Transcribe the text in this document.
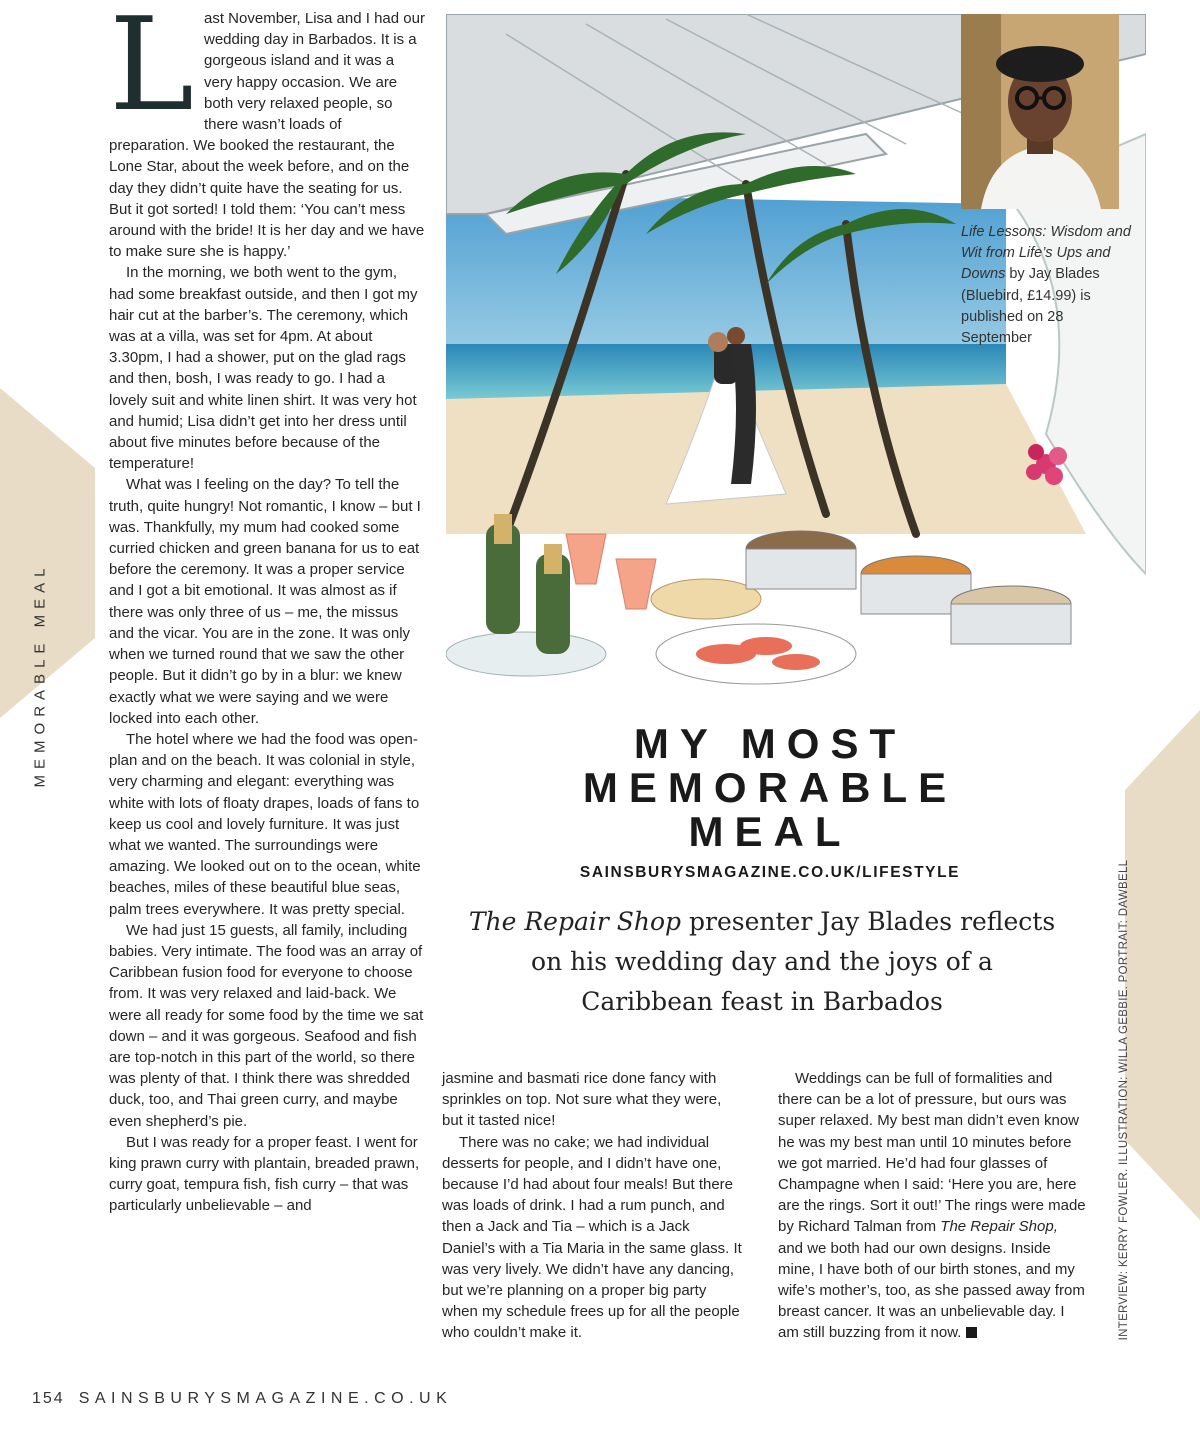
MEMORABLE MEAL

Last November, Lisa and I had our wedding day in Barbados. It is a gorgeous island and it was a very happy occasion. We are both very relaxed people, so there wasn’t loads of preparation. We booked the restaurant, the Lone Star, about the week before, and on the day they didn’t quite have the seating for us. But it got sorted! I told them: ‘You can’t mess around with the bride! It is her day and we have to make sure she is happy.’

In the morning, we both went to the gym, had some breakfast outside, and then I got my hair cut at the barber’s. The ceremony, which was at a villa, was set for 4pm. At about 3.30pm, I had a shower, put on the glad rags and then, bosh, I was ready to go. I had a lovely suit and white linen shirt. It was very hot and humid; Lisa didn’t get into her dress until about five minutes before because of the temperature!

What was I feeling on the day? To tell the truth, quite hungry! Not romantic, I know – but I was. Thankfully, my mum had cooked some curried chicken and green banana for us to eat before the ceremony. It was a proper service and I got a bit emotional. It was almost as if there was only three of us – me, the missus and the vicar. You are in the zone. It was only when we turned round that we saw the other people. But it didn’t go by in a blur: we knew exactly what we were saying and we were locked into each other.

The hotel where we had the food was open-plan and on the beach. It was colonial in style, very charming and elegant: everything was white with lots of floaty drapes, loads of fans to keep us cool and lovely furniture. It was just what we wanted. The surroundings were amazing. We looked out on to the ocean, white beaches, miles of these beautiful blue seas, palm trees everywhere. It was pretty special.

We had just 15 guests, all family, including babies. Very intimate. The food was an array of Caribbean fusion food for everyone to choose from. It was very relaxed and laid-back. We were all ready for some food by the time we sat down – and it was gorgeous. Seafood and fish are top-notch in this part of the world, so there was plenty of that. I think there was shredded duck, too, and Thai green curry, and maybe even shepherd’s pie.

But I was ready for a proper feast. I went for king prawn curry with plantain, breaded prawn, curry goat, tempura fish, fish curry – that was particularly unbelievable – and

Life Lessons: Wisdom and Wit from Life’s Ups and Downs by Jay Blades (Bluebird, £14.99) is published on 28 September
MY MOST
MEMORABLE
MEAL
SAINSBURYSMAGAZINE.CO.UK/LIFESTYLE
The Repair Shop presenter Jay Blades reflects on his wedding day and the joys of a Caribbean feast in Barbados

jasmine and basmati rice done fancy with sprinkles on top. Not sure what they were, but it tasted nice!

There was no cake; we had individual desserts for people, and I didn’t have one, because I’d had about four meals! But there was loads of drink. I had a rum punch, and then a Jack and Tia – which is a Jack Daniel’s with a Tia Maria in the same glass. It was very lively. We didn’t have any dancing, but we’re planning on a proper big party when my schedule frees up for all the people who couldn’t make it.

Weddings can be full of formalities and there can be a lot of pressure, but ours was super relaxed. My best man didn’t even know he was my best man until 10 minutes before we got married. He’d had four glasses of Champagne when I said: ‘Here you are, here are the rings. Sort it out!’ The rings were made by Richard Talman from The Repair Shop, and we both had our own designs. Inside mine, I have both of our birth stones, and my wife’s mother’s, too, as she passed away from breast cancer. It was an unbelievable day. I am still buzzing from it now.	INTERVIEW: KERRY FOWLER. ILLUSTRATION: WILLA GEBBIE. PORTRAIT: DAWBELL
154 SAINSBURYSMAGAZINE.CO.UK
